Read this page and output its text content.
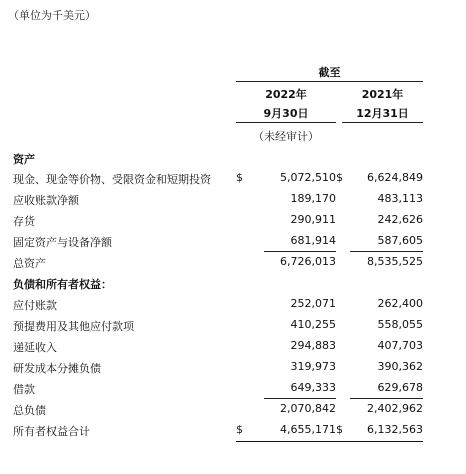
（单位为千美元）
截至
2022年	2021年
9月30日	12月31日
（未经审计）
资产
现金、现金等价物、受限资金和短期投资 $	5,072,510 $ 6,624,849
应收账款净额	189,170	483,113
存货	290,911	242,626
固定资产与设备净额	681,914	587,605
总资产	6,726,013	8,535,525
负债和所有者权益：
应付账款	252,071	262,400
预提费用及其他应付款项	410,255	558,055
递延收入	294,883	407,703
研发成本分摊负债	319,973	390,362
借款	649,333	629,678
总负债	2,070,842	2,402,962
所有者权益合计	$	4,655,171 $ 6,132,563
